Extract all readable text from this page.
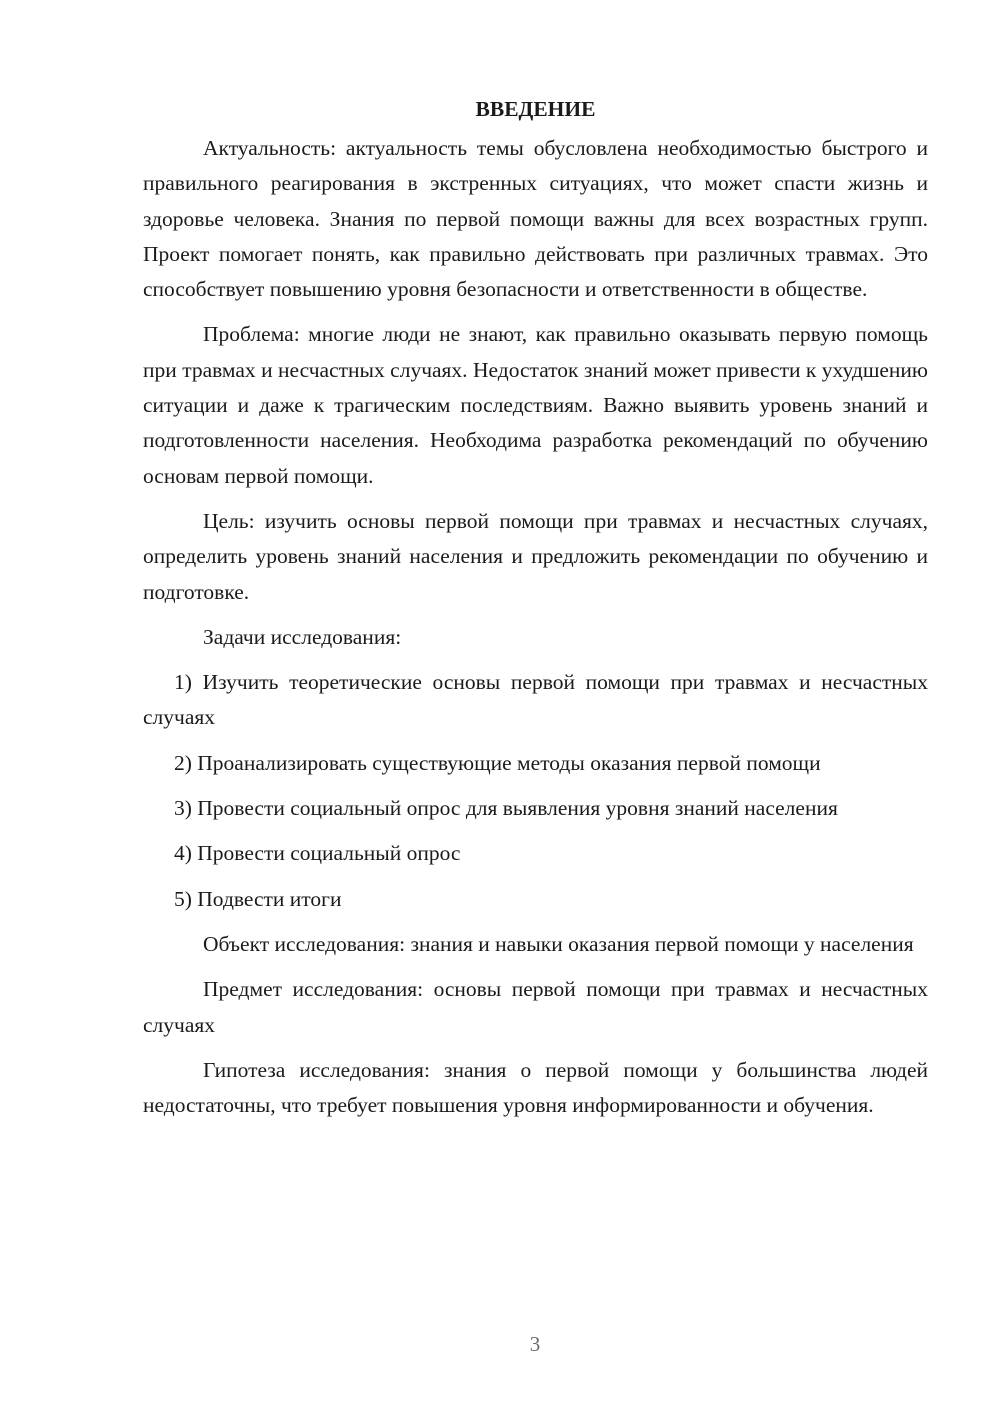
ВВЕДЕНИЕ

Актуальность: актуальность темы обусловлена необходимостью быстрого и правильного реагирования в экстренных ситуациях, что может спасти жизнь и здоровье человека. Знания по первой помощи важны для всех возрастных групп. Проект помогает понять, как правильно действовать при различных травмах. Это способствует повышению уровня безопасности и ответственности в обществе.

Проблема: многие люди не знают, как правильно оказывать первую помощь при травмах и несчастных случаях. Недостаток знаний может привести к ухудшению ситуации и даже к трагическим последствиям. Важно выявить уровень знаний и подготовленности населения. Необходима разработка рекомендаций по обучению основам первой помощи.

Цель: изучить основы первой помощи при травмах и несчастных случаях, определить уровень знаний населения и предложить рекомендации по обучению и подготовке.

Задачи исследования:

1) Изучить теоретические основы первой помощи при травмах и несчастных случаях

2) Проанализировать существующие методы оказания первой помощи

3) Провести социальный опрос для выявления уровня знаний населения

4) Провести социальный опрос

5) Подвести итоги

Объект исследования: знания и навыки оказания первой помощи у населения

Предмет исследования: основы первой помощи при травмах и несчастных случаях

Гипотеза исследования: знания о первой помощи у большинства людей недостаточны, что требует повышения уровня информированности и обучения.

3
